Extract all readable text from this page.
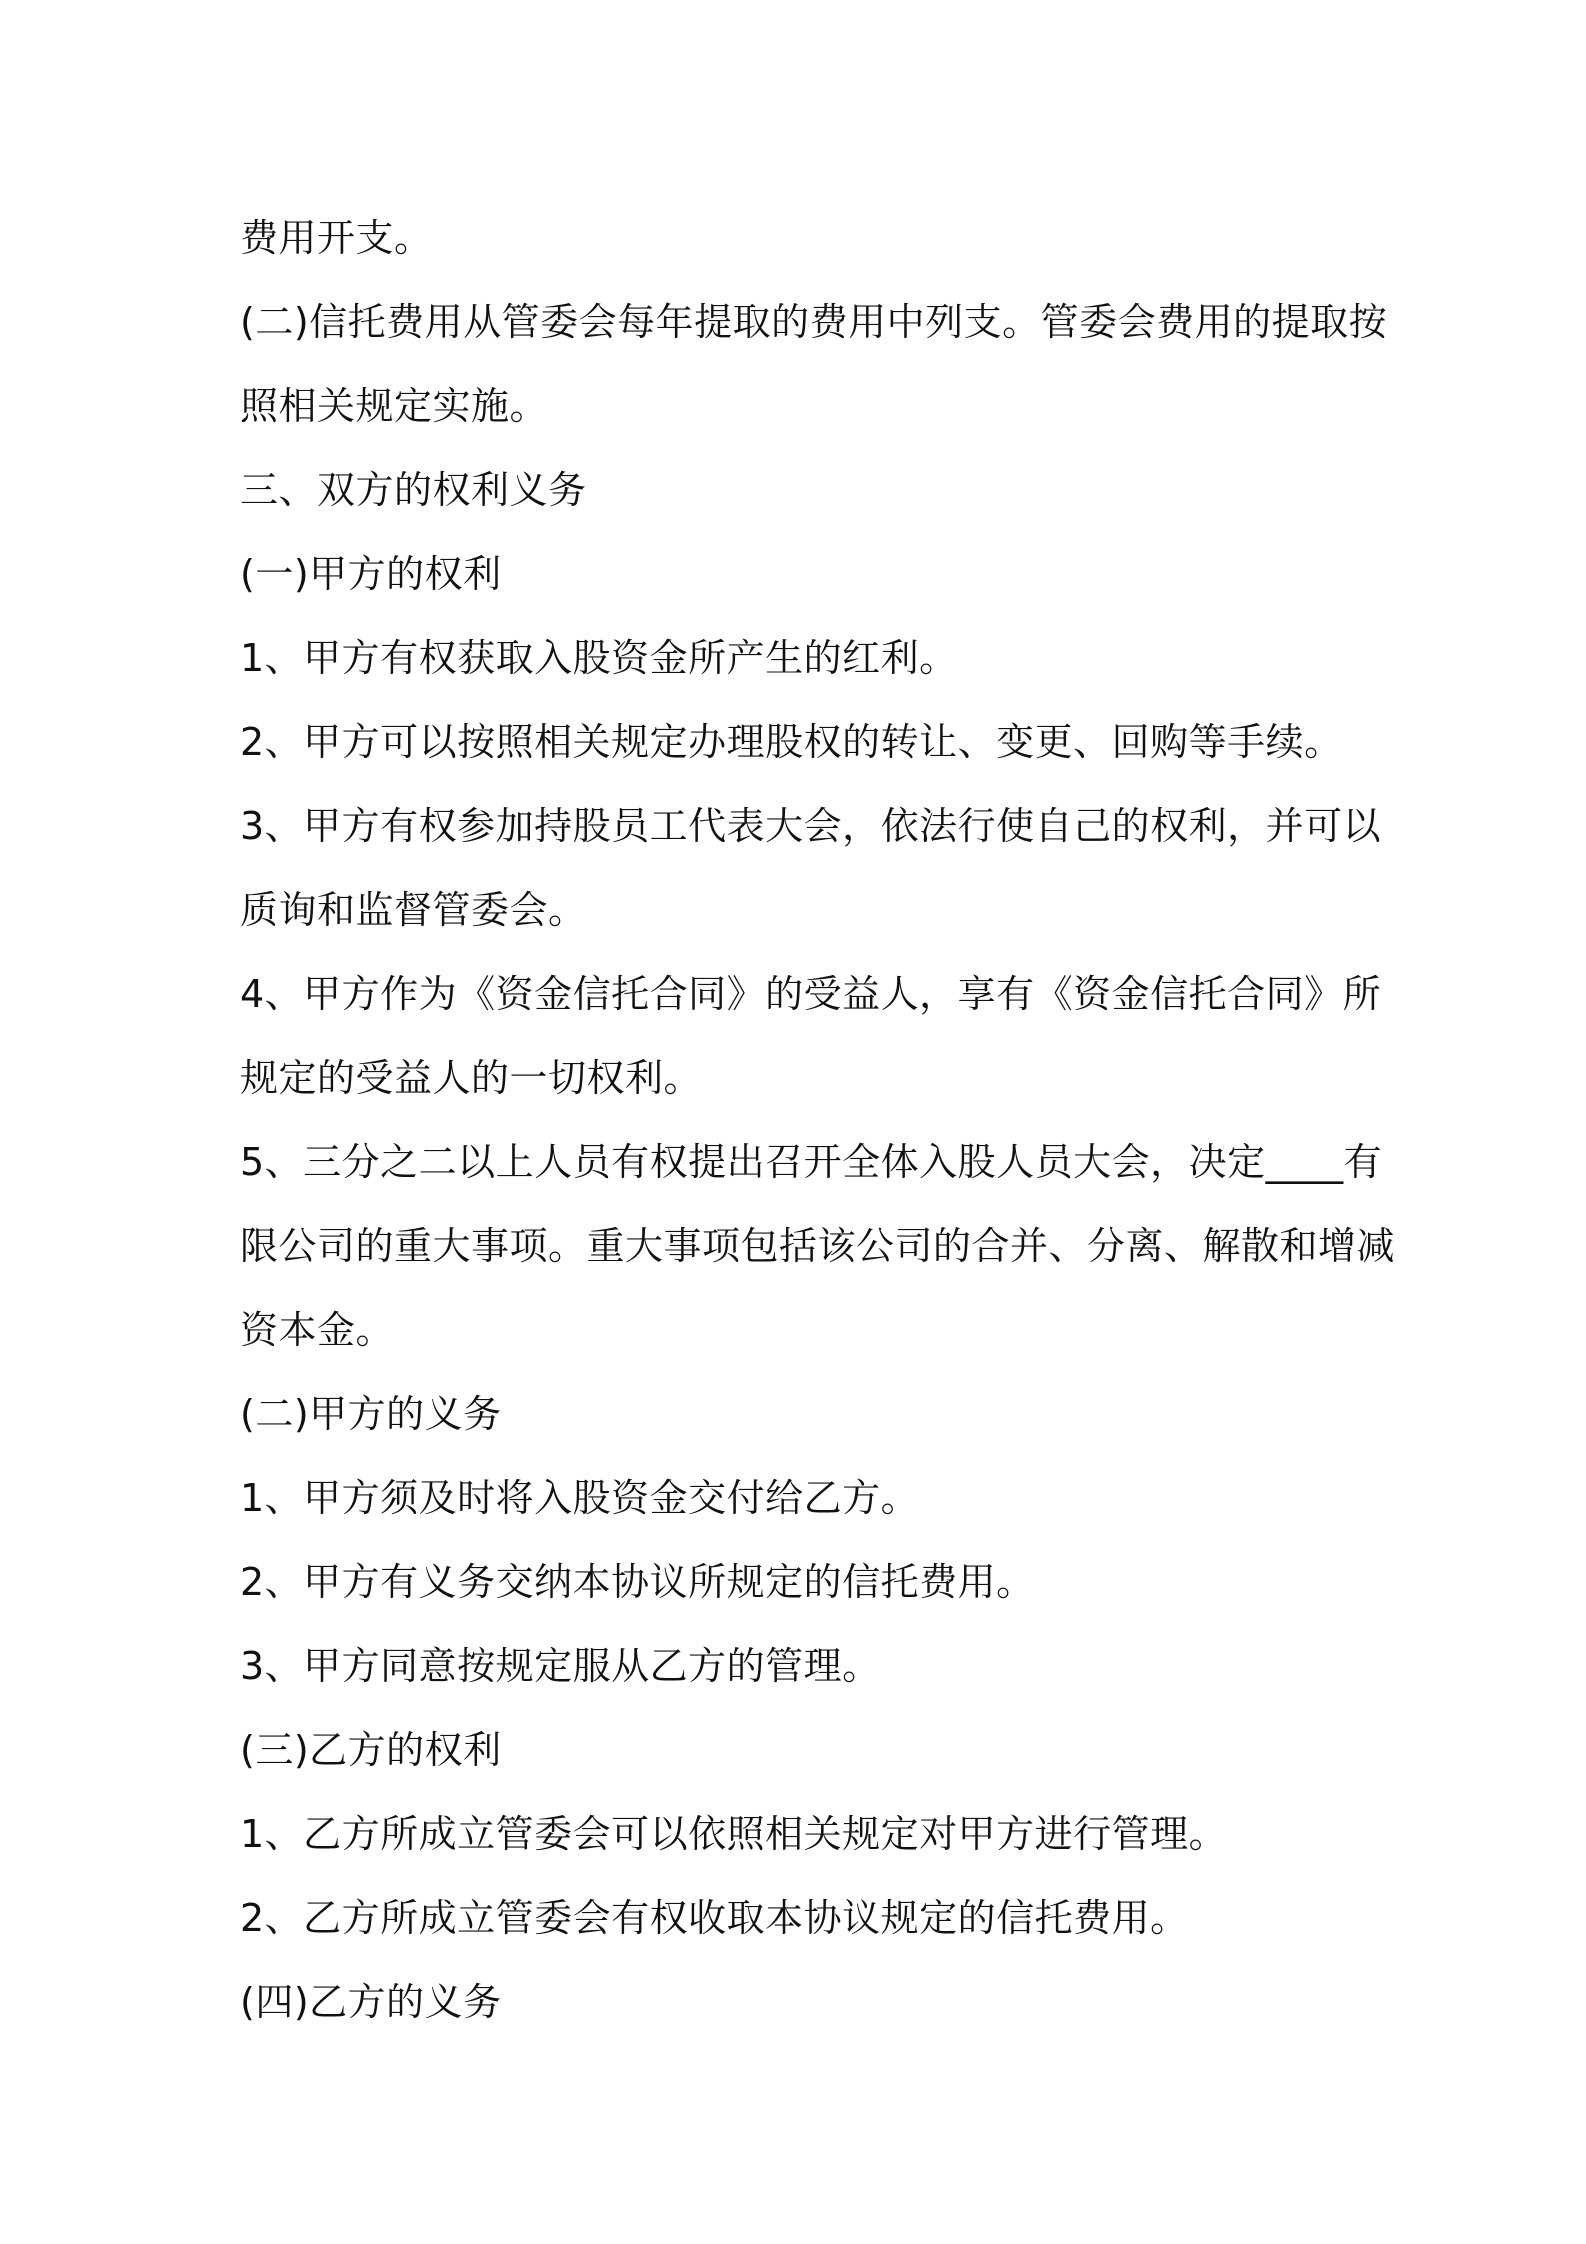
费用开支。

(二)信托费用从管委会每年提取的费用中列支。管委会费用的提取按

照相关规定实施。

三、双方的权利义务

(一)甲方的权利

1、甲方有权获取入股资金所产生的红利。

2、甲方可以按照相关规定办理股权的转让、变更、回购等手续。

3、甲方有权参加持股员工代表大会，依法行使自己的权利，并可以

质询和监督管委会。

4、甲方作为《资金信托合同》的受益人，享有《资金信托合同》所

规定的受益人的一切权利。

5、三分之二以上人员有权提出召开全体入股人员大会，决定____有

限公司的重大事项。重大事项包括该公司的合并、分离、解散和增减

资本金。

(二)甲方的义务

1、甲方须及时将入股资金交付给乙方。

2、甲方有义务交纳本协议所规定的信托费用。

3、甲方同意按规定服从乙方的管理。

(三)乙方的权利

1、乙方所成立管委会可以依照相关规定对甲方进行管理。

2、乙方所成立管委会有权收取本协议规定的信托费用。

(四)乙方的义务
